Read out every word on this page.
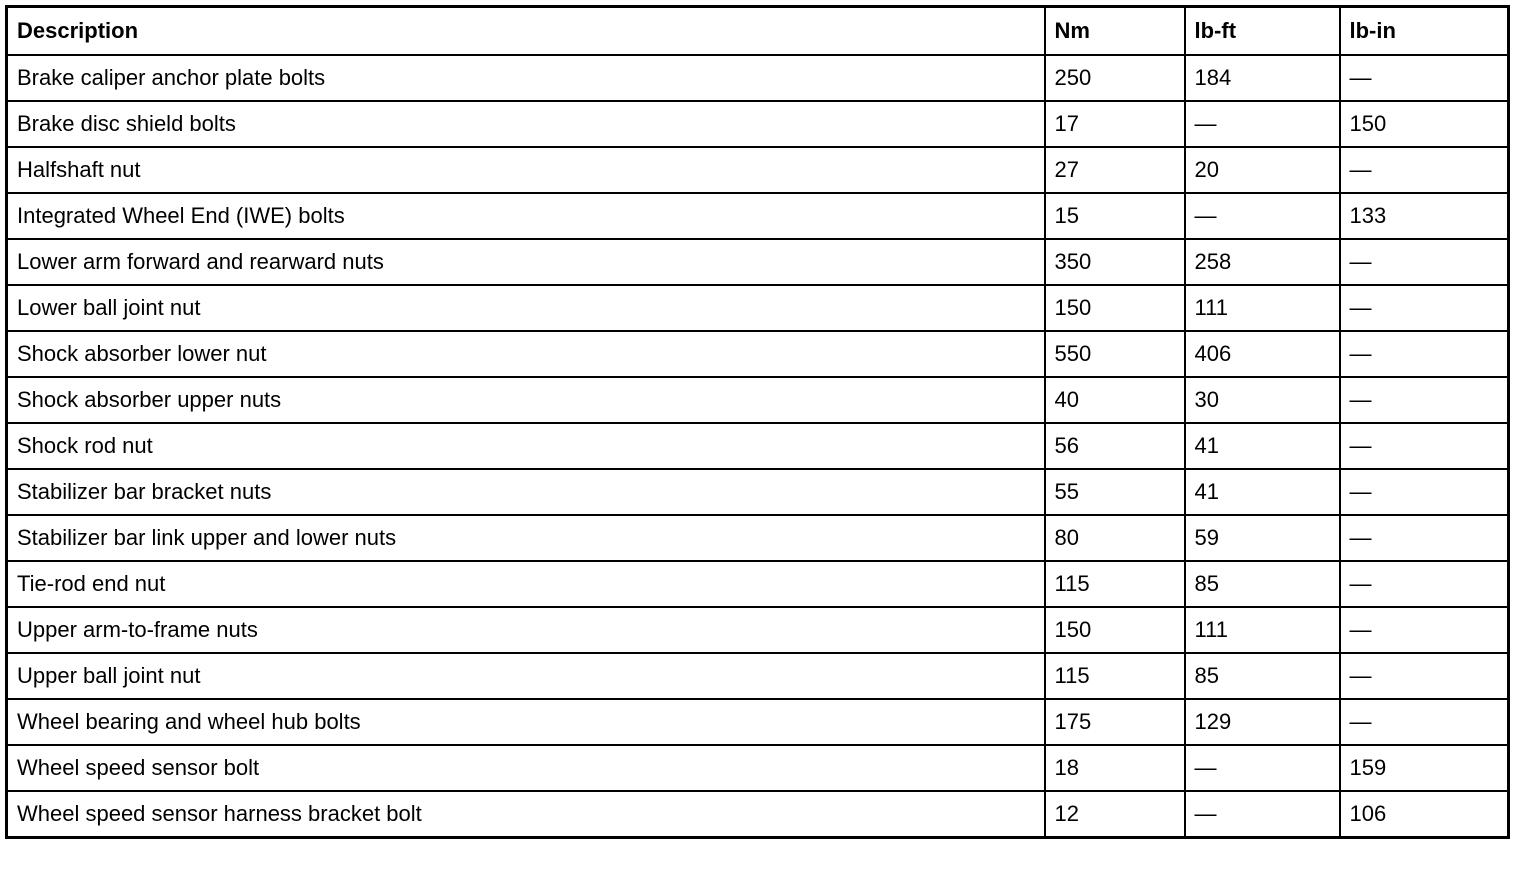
Description	Nm	lb-ft	lb-in
Brake caliper anchor plate bolts	250	184	—
Brake disc shield bolts	17	—	150
Halfshaft nut	27	20	—
Integrated Wheel End (IWE) bolts	15	—	133
Lower arm forward and rearward nuts	350	258	—
Lower ball joint nut	150	111	—
Shock absorber lower nut	550	406	—
Shock absorber upper nuts	40	30	—
Shock rod nut	56	41	—
Stabilizer bar bracket nuts	55	41	—
Stabilizer bar link upper and lower nuts	80	59	—
Tie-rod end nut	115	85	—
Upper arm-to-frame nuts	150	111	—
Upper ball joint nut	115	85	—
Wheel bearing and wheel hub bolts	175	129	—
Wheel speed sensor bolt	18	—	159
Wheel speed sensor harness bracket bolt	12	—	106
